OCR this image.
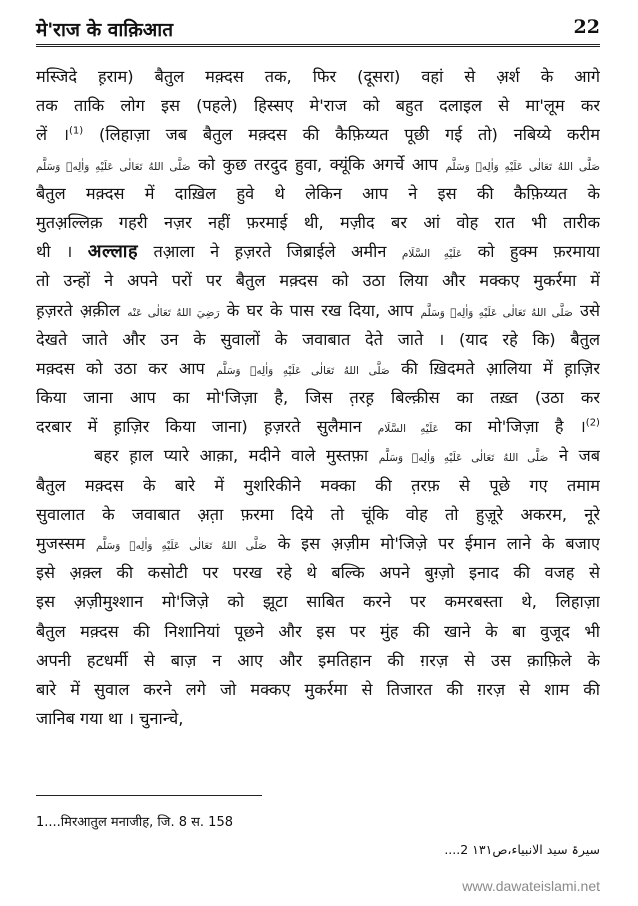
मे'राज के वाक़िआत	22
मस्जिदे ह़राम) बैतुल मक़्दस तक, फिर (दूसरा) वहां से अ़र्श के आगे
तक ताकि लोग इस (पहले) हिस्सए मे'राज को बहुत दलाइल से मा'लूम कर
लें ।$^{(1)}$ (लिहाज़ा जब बैतुल मक़्दस की कैफ़िय्यत पूछी गई तो) नबिय्ये करीम
صَلَّى اللهُ تَعَالٰى عَلَيْهِ وَاٰلِهٖ وَسَلَّم को कुछ तरदुद हुवा, क्यूंकि अगर्चे आप صَلَّى اللهُ تَعَالٰى عَلَيْهِ وَاٰلِهٖ وَسَلَّم
बैतुल मक़्दस में दाख़िल हुवे थे लेकिन आप ने इस की कैफ़िय्यत के
मुतअ़ल्लिक़ गहरी नज़र नहीं फ़रमाई थी, मज़ीद बर आं वोह रात भी तारीक
थी । अल्लाह तआ़ला ने ह़ज़रते जिब्राईले अमीन عَلَيْهِ السَّلَام को हुक्म फ़रमाया
तो उन्हों ने अपने परों पर बैतुल मक़्दस को उठा लिया और मक्कए मुकर्रमा में
ह़ज़रते अ़क़ील رَضِيَ اللهُ تَعَالٰى عَنْه के घर के पास रख दिया, आप صَلَّى اللهُ تَعَالٰى عَلَيْهِ وَاٰلِهٖ وَسَلَّم उसे
देखते जाते और उन के सुवालों के जवाबात देते जाते । (याद रहे कि) बैतुल
मक़्दस को उठा कर आप صَلَّى اللهُ تَعَالٰى عَلَيْهِ وَاٰلِهٖ وَسَلَّم की ख़िदमते आ़लिया में ह़ाज़िर
किया जाना आप का मो'जिज़ा है, जिस त़रह़ बिल्क़ीस का तख़्त (उठा कर
दरबार में ह़ाज़िर किया जाना) ह़ज़रते सुलैमान عَلَيْهِ السَّلَام का मो'जिज़ा है ।$^{(2)}$
बहर ह़ाल प्यारे आक़ा, मदीने वाले मुस्तफ़ा صَلَّى اللهُ تَعَالٰى عَلَيْهِ وَاٰلِهٖ وَسَلَّم ने जब
बैतुल मक़्दस के बारे में मुशरिकीने मक्का की त़रफ़ से पूछे गए तमाम
सुवालात के जवाबात अ़त़ा फ़रमा दिये तो चूंकि वोह तो हुज़ूरे अकरम, नूरे
मुजस्सम صَلَّى اللهُ تَعَالٰى عَلَيْهِ وَاٰلِهٖ وَسَلَّم के इस अ़ज़ीम मो'जिज़े पर ईमान लाने के बजाए
इसे अ़क़्ल की कसोटी पर परख रहे थे बल्कि अपने बुग़्ज़ो इनाद की वजह से
इस अ़ज़ीमुश्शान मो'जिज़े को झूटा साबित करने पर कमरबस्ता थे, लिहाज़ा
बैतुल मक़्दस की निशानियां पूछने और इस पर मुंह की खाने के बा वुजूद भी
अपनी हटधर्मी से बाज़ न आए और इमतिहान की ग़रज़ से उस क़ाफ़िले के
बारे में सुवाल करने लगे जो मक्कए मुकर्रमा से तिजारत की ग़रज़ से शाम की
जानिब गया था । चुनान्चे,
1....मिरआतुल मनाजीह, जि. 8 स. 158
....سیرۃ سید الانبیاء،ص۱۳۱ 2
www.dawateislami.net
